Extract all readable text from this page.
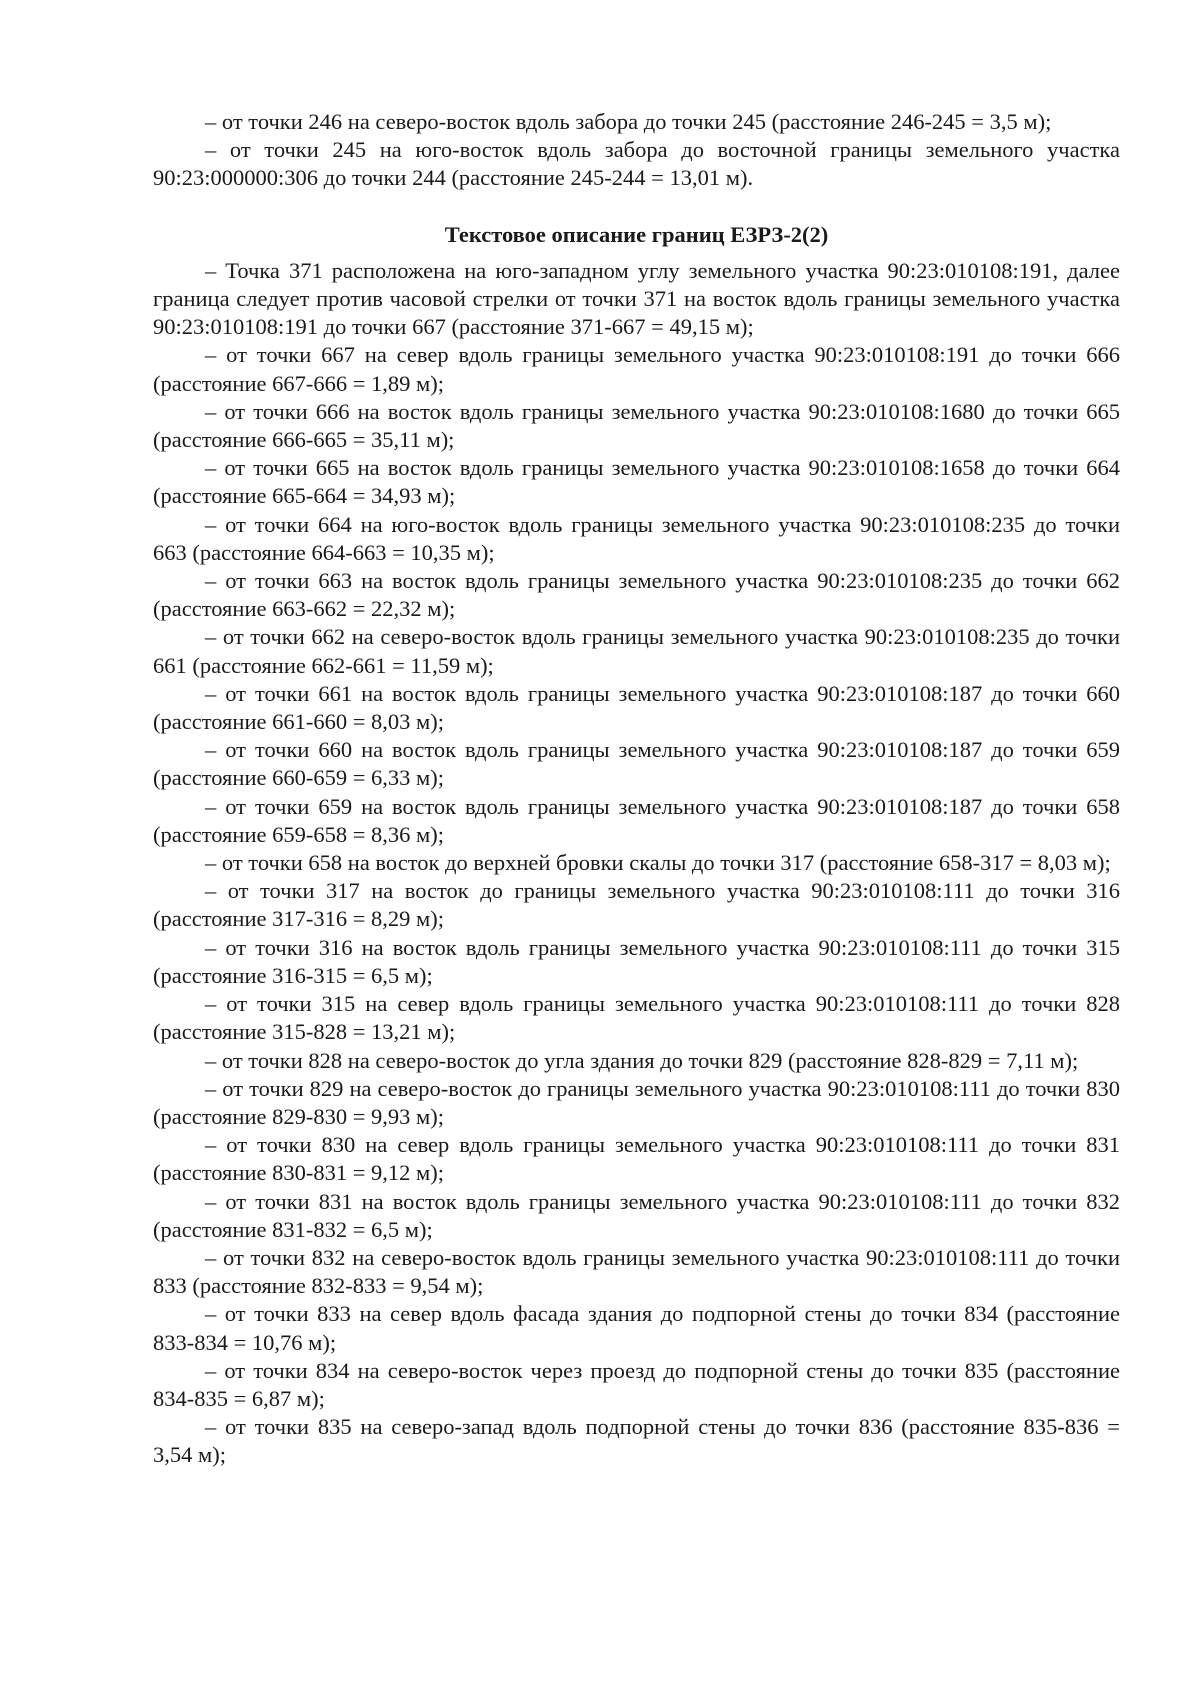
– от точки 246 на северо-восток вдоль забора до точки 245 (расстояние 246-245 = 3,5 м);

– от точки 245 на юго-восток вдоль забора до восточной границы земельного участка 90:23:000000:306 до точки 244 (расстояние 245-244 = 13,01 м).

Текстовое описание границ ЕЗРЗ-2(2)

– Точка 371 расположена на юго-западном углу земельного участка 90:23:010108:191, далее граница следует против часовой стрелки от точки 371 на восток вдоль границы земельного участка 90:23:010108:191 до точки 667 (расстояние 371-667 = 49,15 м);

– от точки 667 на север вдоль границы земельного участка 90:23:010108:191 до точки 666 (расстояние 667-666 = 1,89 м);

– от точки 666 на восток вдоль границы земельного участка 90:23:010108:1680 до точки 665 (расстояние 666-665 = 35,11 м);

– от точки 665 на восток вдоль границы земельного участка 90:23:010108:1658 до точки 664 (расстояние 665-664 = 34,93 м);

– от точки 664 на юго-восток вдоль границы земельного участка 90:23:010108:235 до точки 663 (расстояние 664-663 = 10,35 м);

– от точки 663 на восток вдоль границы земельного участка 90:23:010108:235 до точки 662 (расстояние 663-662 = 22,32 м);

– от точки 662 на северо-восток вдоль границы земельного участка 90:23:010108:235 до точки 661 (расстояние 662-661 = 11,59 м);

– от точки 661 на восток вдоль границы земельного участка 90:23:010108:187 до точки 660 (расстояние 661-660 = 8,03 м);

– от точки 660 на восток вдоль границы земельного участка 90:23:010108:187 до точки 659 (расстояние 660-659 = 6,33 м);

– от точки 659 на восток вдоль границы земельного участка 90:23:010108:187 до точки 658 (расстояние 659-658 = 8,36 м);

– от точки 658 на восток до верхней бровки скалы до точки 317 (расстояние 658-317 = 8,03 м);

– от точки 317 на восток до границы земельного участка 90:23:010108:111 до точки 316 (расстояние 317-316 = 8,29 м);

– от точки 316 на восток вдоль границы земельного участка 90:23:010108:111 до точки 315 (расстояние 316-315 = 6,5 м);

– от точки 315 на север вдоль границы земельного участка 90:23:010108:111 до точки 828 (расстояние 315-828 = 13,21 м);

– от точки 828 на северо-восток до угла здания до точки 829 (расстояние 828-829 = 7,11 м);

– от точки 829 на северо-восток до границы земельного участка 90:23:010108:111 до точки 830 (расстояние 829-830 = 9,93 м);

– от точки 830 на север вдоль границы земельного участка 90:23:010108:111 до точки 831 (расстояние 830-831 = 9,12 м);

– от точки 831 на восток вдоль границы земельного участка 90:23:010108:111 до точки 832 (расстояние 831-832 = 6,5 м);

– от точки 832 на северо-восток вдоль границы земельного участка 90:23:010108:111 до точки 833 (расстояние 832-833 = 9,54 м);

– от точки 833 на север вдоль фасада здания до подпорной стены до точки 834 (расстояние 833-834 = 10,76 м);

– от точки 834 на северо-восток через проезд до подпорной стены до точки 835 (расстояние 834-835 = 6,87 м);

– от точки 835 на северо-запад вдоль подпорной стены до точки 836 (расстояние 835-836 = 3,54 м);
